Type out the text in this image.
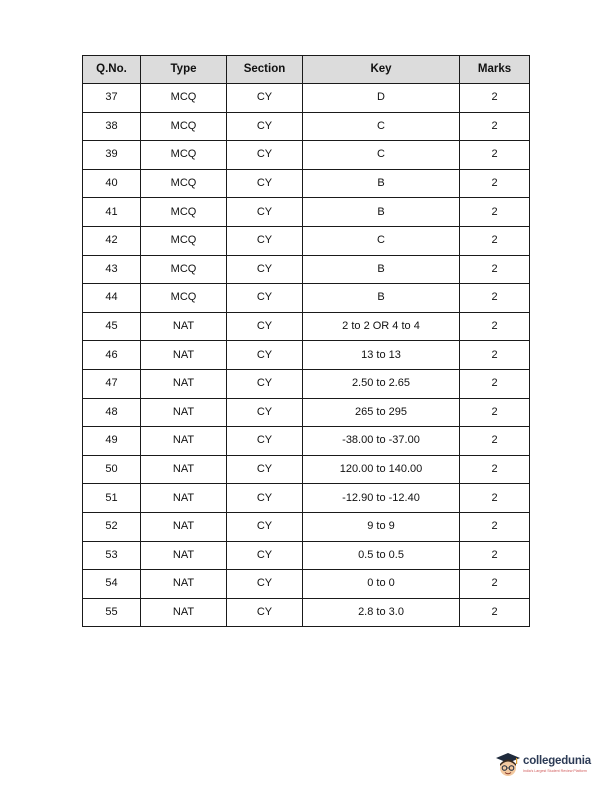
Q.No.	Type	Section	Key	Marks
37	MCQ	CY	D	2
38	MCQ	CY	C	2
39	MCQ	CY	C	2
40	MCQ	CY	B	2
41	MCQ	CY	B	2
42	MCQ	CY	C	2
43	MCQ	CY	B	2
44	MCQ	CY	B	2
45	NAT	CY	2 to 2 OR 4 to 4	2
46	NAT	CY	13 to 13	2
47	NAT	CY	2.50 to 2.65	2
48	NAT	CY	265 to 295	2
49	NAT	CY	-38.00 to -37.00	2
50	NAT	CY	120.00 to 140.00	2
51	NAT	CY	-12.90 to -12.40	2
52	NAT	CY	9 to 9	2
53	NAT	CY	0.5 to 0.5	2
54	NAT	CY	0 to 0	2
55	NAT	CY	2.8 to 3.0	2
collegedunia
India's Largest Student Review Platform
